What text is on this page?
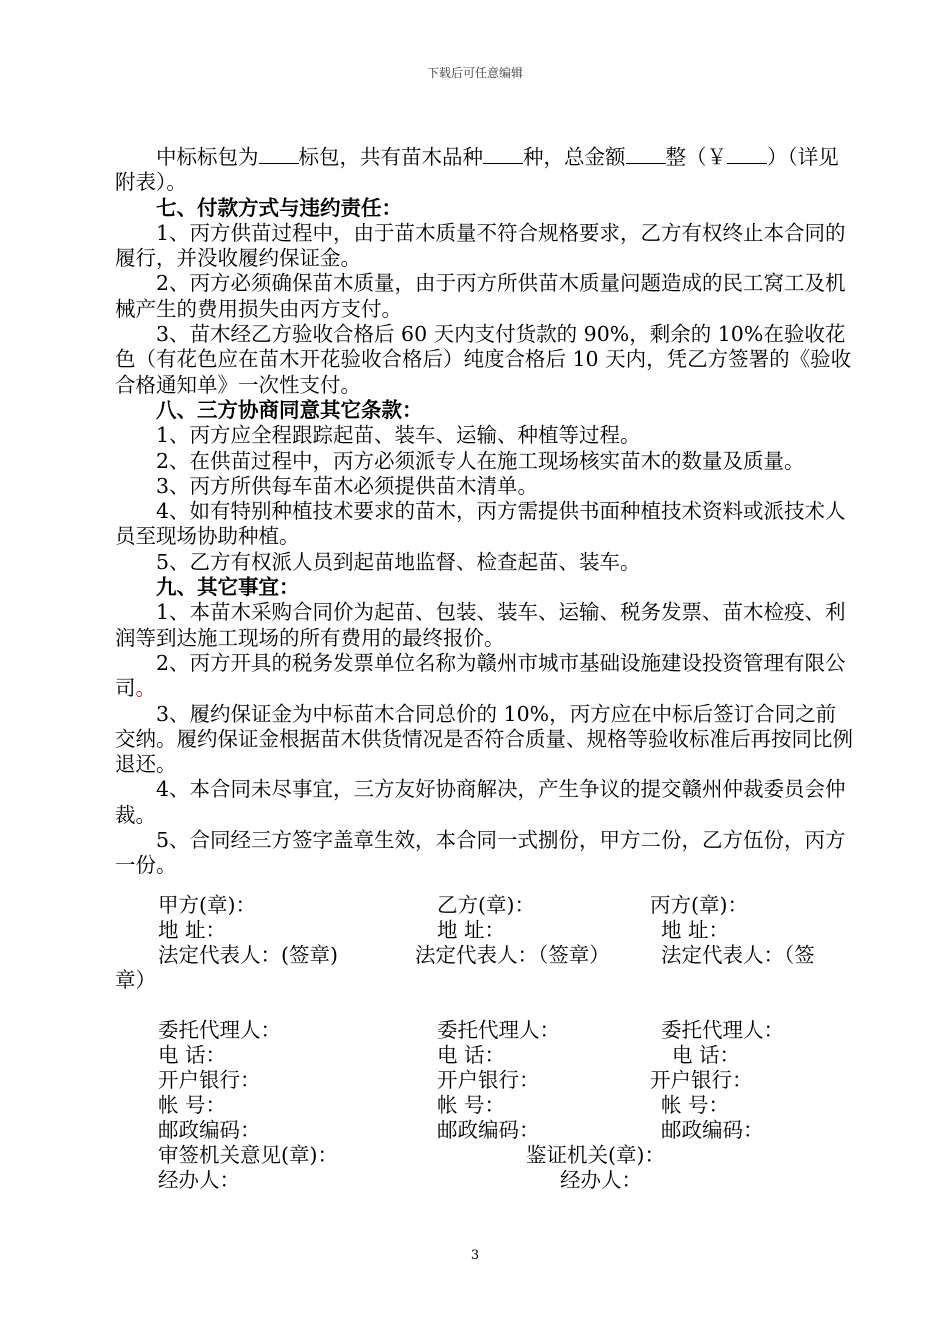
下载后可任意编辑

中标标包为 标包，共有苗木品种 种，总金额 整（￥ ）（详见附表）。

七、付款方式与违约责任：

1、丙方供苗过程中，由于苗木质量不符合规格要求，乙方有权终止本合同的履行，并没收履约保证金。

2、丙方必须确保苗木质量，由于丙方所供苗木质量问题造成的民工窝工及机械产生的费用损失由丙方支付。

3、苗木经乙方验收合格后 60 天内支付货款的 90%，剩余的 10%在验收花色（有花色应在苗木开花验收合格后）纯度合格后 10 天内，凭乙方签署的《验收合格通知单》一次性支付。

八、三方协商同意其它条款：

1、丙方应全程跟踪起苗、装车、运输、种植等过程。

2、在供苗过程中，丙方必须派专人在施工现场核实苗木的数量及质量。

3、丙方所供每车苗木必须提供苗木清单。

4、如有特别种植技术要求的苗木，丙方需提供书面种植技术资料或派技术人员至现场协助种植。

5、乙方有权派人员到起苗地监督、检查起苗、装车。

九、其它事宜：

1、本苗木采购合同价为起苗、包装、装车、运输、税务发票、苗木检疫、利润等到达施工现场的所有费用的最终报价。

2、丙方开具的税务发票单位名称为赣州市城市基础设施建设投资管理有限公司。

3、履约保证金为中标苗木合同总价的 10%，丙方应在中标后签订合同之前交纳。履约保证金根据苗木供货情况是否符合质量、规格等验收标准后再按同比例退还。

4、本合同未尽事宜，三方友好协商解决，产生争议的提交赣州仲裁委员会仲裁。

5、合同经三方签字盖章生效，本合同一式捌份，甲方二份，乙方伍份，丙方一份。

甲方(章)：	乙方(章)：	丙方(章)：
地 址：	地 址：	地 址：
法定代表人：(签章)	法定代表人：（签章）	法定代表人：（签
章）
委托代理人：	委托代理人：	委托代理人：
电 话：	电 话：	电 话：
开户银行：	开户银行：	开户银行：
帐 号：	帐 号：	帐 号：
邮政编码：	邮政编码：	邮政编码：
审签机关意见(章)：	鉴证机关(章)：
经办人：	经办人：
3
